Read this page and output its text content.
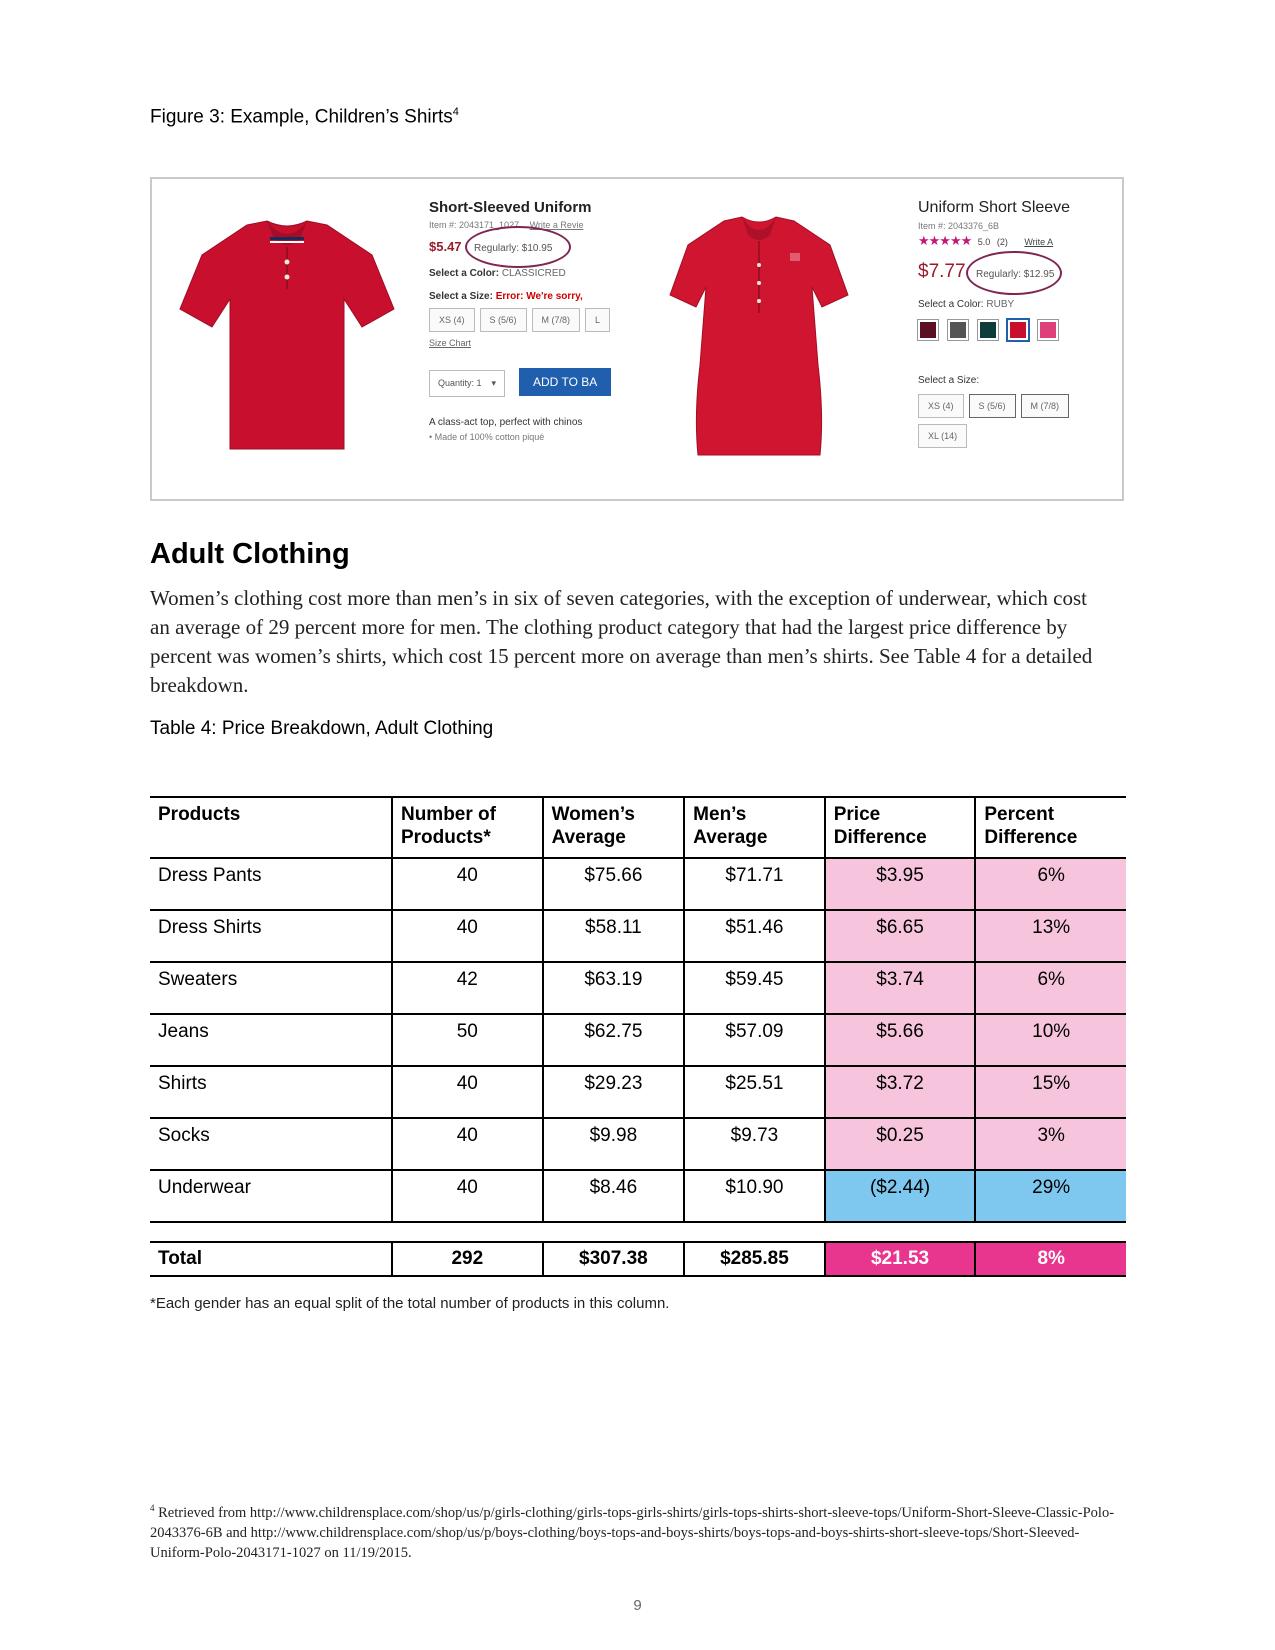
Figure 3: Example, Children’s Shirts$^4$
Short-Sleeved Uniform
Item #: 2043171_1027 Write a Revie
$5.47 Regularly: $10.95
Select a Color: CLASSICRED
Select a Size: Error: We're sorry,
XS (4)	S (5/6)	M (7/8)	L
Size Chart
Quantity: 1 ▾	ADD TO BA
A class-act top, perfect with chinos
• Made of 100% cotton piqué
Uniform Short Sleeve
Item #: 2043376_6B
★★★★★ 5.0 (2) Write A
$7.77 Regularly: $12.95
Select a Color: RUBY
Select a Size:
XS (4)	S (5/6)	M (7/8)
XL (14)
Adult Clothing

Women’s clothing cost more than men’s in six of seven categories, with the exception of underwear, which cost an average of 29 percent more for men. The clothing product category that had the largest price difference by percent was women’s shirts, which cost 15 percent more on average than men’s shirts. See Table 4 for a detailed breakdown.

Table 4: Price Breakdown, Adult Clothing
Products	Number of Products*	Women’s Average	Men’s Average	Price Difference	Percent Difference
Dress Pants	40	$75.66	$71.71	$3.95	6%
Dress Shirts	40	$58.11	$51.46	$6.65	13%
Sweaters	42	$63.19	$59.45	$3.74	6%
Jeans	50	$62.75	$57.09	$5.66	10%
Shirts	40	$29.23	$25.51	$3.72	15%
Socks	40	$9.98	$9.73	$0.25	3%
Underwear	40	$8.46	$10.90	($2.44)	29%

Total	292	$307.38	$285.85	$21.53	8%
*Each gender has an equal split of the total number of products in this column.
$^4$ Retrieved from http://www.childrensplace.com/shop/us/p/girls-clothing/girls-tops-girls-shirts/girls-tops-shirts-short-sleeve-tops/Uniform-Short-Sleeve-Classic-Polo-2043376-6B and http://www.childrensplace.com/shop/us/p/boys-clothing/boys-tops-and-boys-shirts/boys-tops-and-boys-shirts-short-sleeve-tops/Short-Sleeved-Uniform-Polo-2043171-1027 on 11/19/2015.
9
